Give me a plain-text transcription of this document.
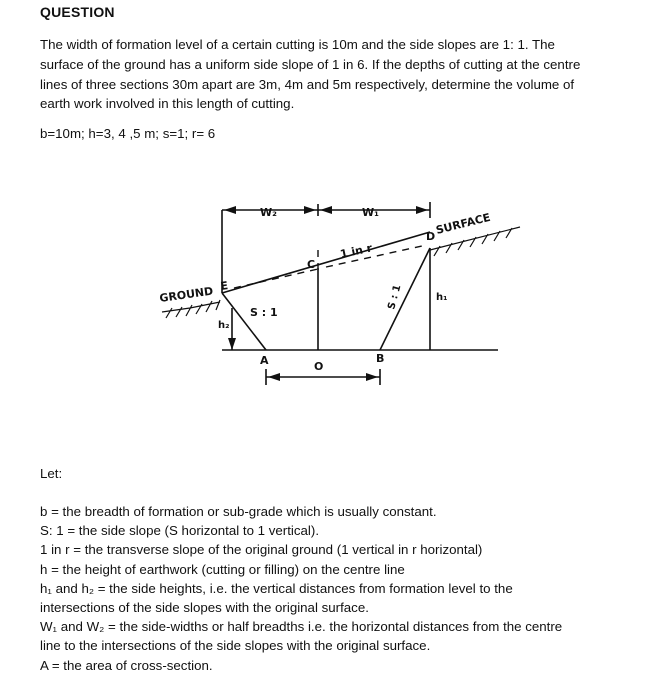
QUESTION
The width of formation level of a certain cutting is 10m and the side slopes are 1: 1. The
surface of the ground has a uniform side slope of 1 in 6. If the depths of cutting at the centre
lines of three sections 30m apart are 3m, 4m and 5m respectively, determine the volume of
earth work involved in this length of cutting.
b=10m; h=3, 4 ,5 m; s=1; r= 6
W₂	W₁
C
1 in r
D SURFACE
GROUND E
h₂
S : 1
S : 1	h₁
A	O
B
Let:
b = the breadth of formation or sub-grade which is usually constant.
S: 1 = the side slope (S horizontal to 1 vertical).
1 in r = the transverse slope of the original ground (1 vertical in r horizontal)
h = the height of earthwork (cutting or filling) on the centre line
h₁ and h₂ = the side heights, i.e. the vertical distances from formation level to the
intersections of the side slopes with the original surface.
W₁ and W₂ = the side-widths or half breadths i.e. the horizontal distances from the centre
line to the intersections of the side slopes with the original surface.
A = the area of cross-section.
